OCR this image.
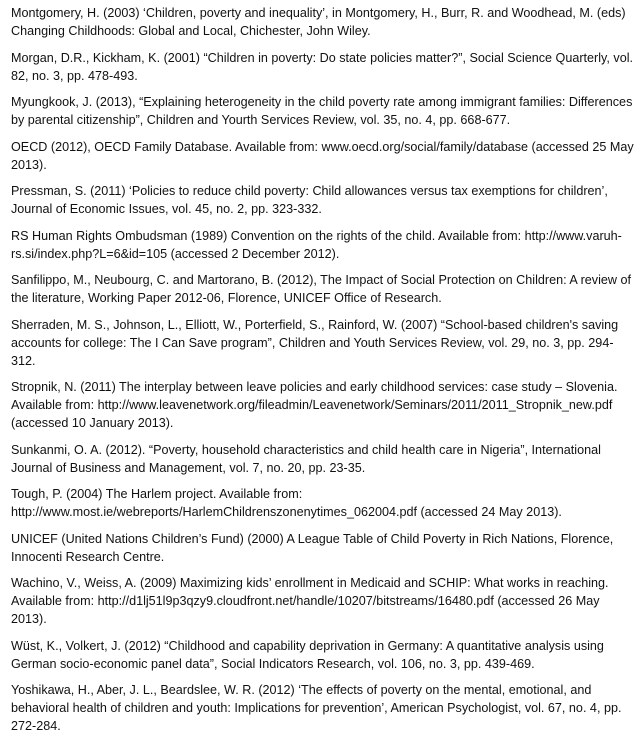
Montgomery, H. (2003) ‘Children, poverty and inequality’, in Montgomery, H., Burr, R. and Woodhead, M. (eds) Changing Childhoods: Global and Local, Chichester, John Wiley.

Morgan, D.R., Kickham, K. (2001) “Children in poverty: Do state policies matter?”, Social Science Quarterly, vol. 82, no. 3, pp. 478-493.

Myungkook, J. (2013), “Explaining heterogeneity in the child poverty rate among immigrant families: Differences by parental citizenship”, Children and Yourth Services Review, vol. 35, no. 4, pp. 668-677.

OECD (2012), OECD Family Database. Available from: www.oecd.org/social/family/database (accessed 25 May 2013).

Pressman, S. (2011) ‘Policies to reduce child poverty: Child allowances versus tax exemptions for children’, Journal of Economic Issues, vol. 45, no. 2, pp. 323-332.

RS Human Rights Ombudsman (1989) Convention on the rights of the child. Available from: http://www.varuh-rs.si/index.php?L=6&id=105 (accessed 2 December 2012).

Sanfilippo, M., Neubourg, C. and Martorano, B. (2012), The Impact of Social Protection on Children: A review of the literature, Working Paper 2012-06, Florence, UNICEF Office of Research.

Sherraden, M. S., Johnson, L., Elliott, W., Porterfield, S., Rainford, W. (2007) “School-based children's saving accounts for college: The I Can Save program”, Children and Youth Services Review, vol. 29, no. 3, pp. 294-312.

Stropnik, N. (2011) The interplay between leave policies and early childhood services: case study – Slovenia. Available from: http://www.leavenetwork.org/fileadmin/Leavenetwork/Seminars/2011/2011_Stropnik_new.pdf (accessed 10 January 2013).

Sunkanmi, O. A. (2012). “Poverty, household characteristics and child health care in Nigeria”, International Journal of Business and Management, vol. 7, no. 20, pp. 23-35.

Tough, P. (2004) The Harlem project. Available from: http://www.most.ie/webreports/HarlemChildrenszonenytimes_062004.pdf (accessed 24 May 2013).

UNICEF (United Nations Children’s Fund) (2000) A League Table of Child Poverty in Rich Nations, Florence, Innocenti Research Centre.

Wachino, V., Weiss, A. (2009) Maximizing kids’ enrollment in Medicaid and SCHIP: What works in reaching. Available from: http://d1lj51l9p3qzy9.cloudfront.net/handle/10207/bitstreams/16480.pdf (accessed 26 May 2013).

Wüst, K., Volkert, J. (2012) “Childhood and capability deprivation in Germany: A quantitative analysis using German socio-economic panel data”, Social Indicators Research, vol. 106, no. 3, pp. 439-469.

Yoshikawa, H., Aber, J. L., Beardslee, W. R. (2012) ‘The effects of poverty on the mental, emotional, and behavioral health of children and youth: Implications for prevention’, American Psychologist, vol. 67, no. 4, pp. 272-284.
